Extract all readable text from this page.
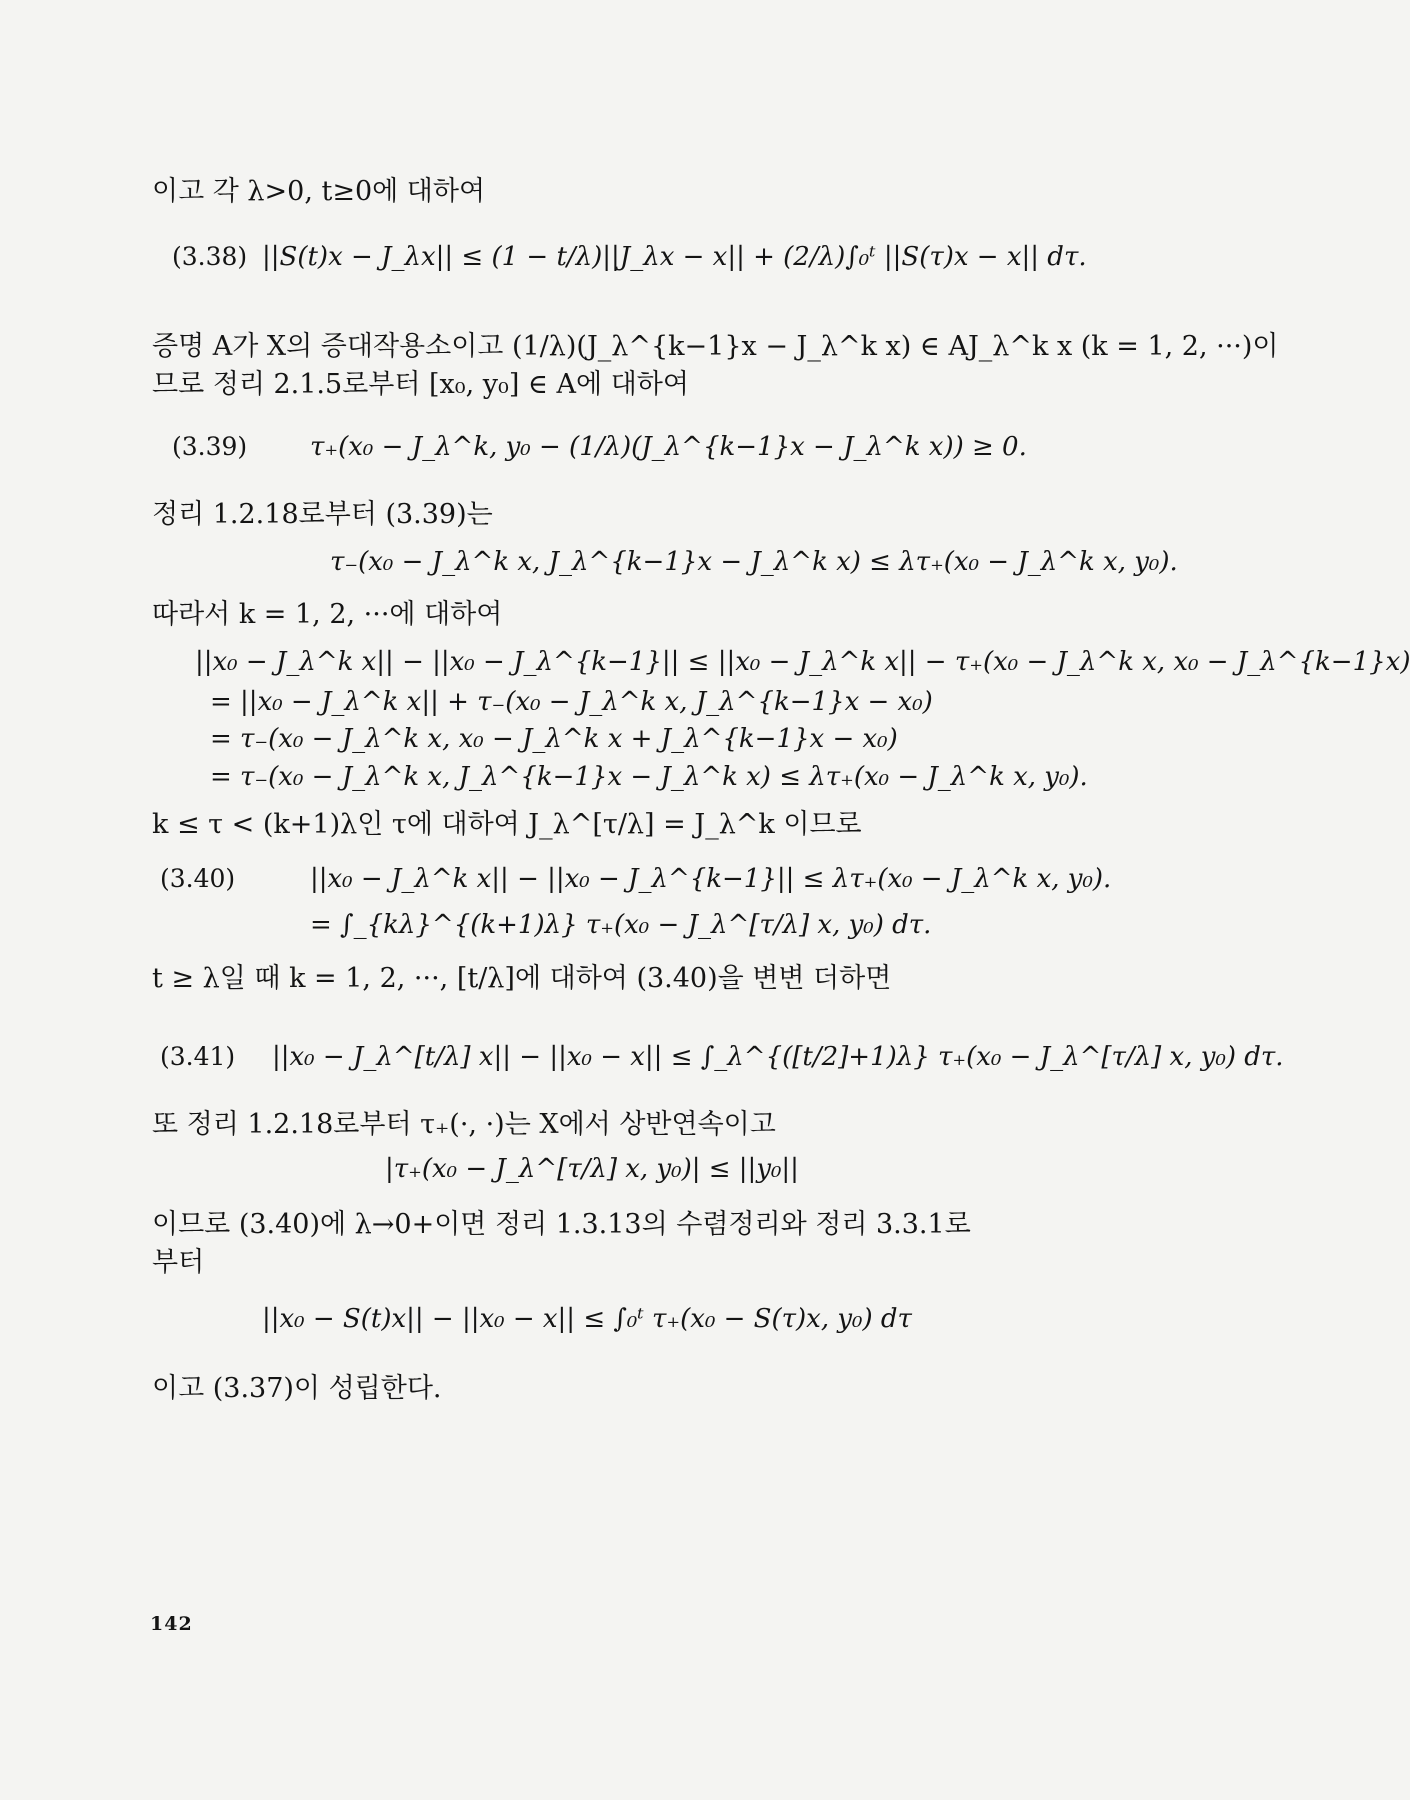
이고 각 λ>0, t≥0에 대하여
(3.38) ||S(t)x − J_λx|| ≤ (1 − t/λ)||J_λx − x|| + (2/λ)∫₀ᵗ ||S(τ)x − x|| dτ.
증명 A가 X의 증대작용소이고 (1/λ)(J_λ^{k−1}x − J_λ^k x) ∈ AJ_λ^k x (k = 1, 2, ···)이
므로 정리 2.1.5로부터 [x₀, y₀] ∈ A에 대하여
(3.39) τ₊(x₀ − J_λ^k, y₀ − (1/λ)(J_λ^{k−1}x − J_λ^k x)) ≥ 0.
정리 1.2.18로부터 (3.39)는
τ₋(x₀ − J_λ^k x, J_λ^{k−1}x − J_λ^k x) ≤ λτ₊(x₀ − J_λ^k x, y₀).
따라서 k = 1, 2, ···에 대하여
||x₀ − J_λ^k x|| − ||x₀ − J_λ^{k−1}|| ≤ ||x₀ − J_λ^k x|| − τ₊(x₀ − J_λ^k x, x₀ − J_λ^{k−1}x)
= ||x₀ − J_λ^k x|| + τ₋(x₀ − J_λ^k x, J_λ^{k−1}x − x₀)
= τ₋(x₀ − J_λ^k x, x₀ − J_λ^k x + J_λ^{k−1}x − x₀)
= τ₋(x₀ − J_λ^k x, J_λ^{k−1}x − J_λ^k x) ≤ λτ₊(x₀ − J_λ^k x, y₀).
k ≤ τ < (k+1)λ인 τ에 대하여 J_λ^[τ/λ] = J_λ^k 이므로
(3.40)	||x₀ − J_λ^k x|| − ||x₀ − J_λ^{k−1}|| ≤ λτ₊(x₀ − J_λ^k x, y₀).
= ∫_{kλ}^{(k+1)λ} τ₊(x₀ − J_λ^[τ/λ] x, y₀) dτ.
t ≥ λ일 때 k = 1, 2, ···, [t/λ]에 대하여 (3.40)을 변변 더하면
(3.41) ||x₀ − J_λ^[t/λ] x|| − ||x₀ − x|| ≤ ∫_λ^{([t/2]+1)λ} τ₊(x₀ − J_λ^[τ/λ] x, y₀) dτ.
또 정리 1.2.18로부터 τ₊(·, ·)는 X에서 상반연속이고
|τ₊(x₀ − J_λ^[τ/λ] x, y₀)| ≤ ||y₀||
이므로 (3.40)에 λ→0+이면 정리 1.3.13의 수렴정리와 정리 3.3.1로
부터
||x₀ − S(t)x|| − ||x₀ − x|| ≤ ∫₀ᵗ τ₊(x₀ − S(τ)x, y₀) dτ
이고 (3.37)이 성립한다.
142
